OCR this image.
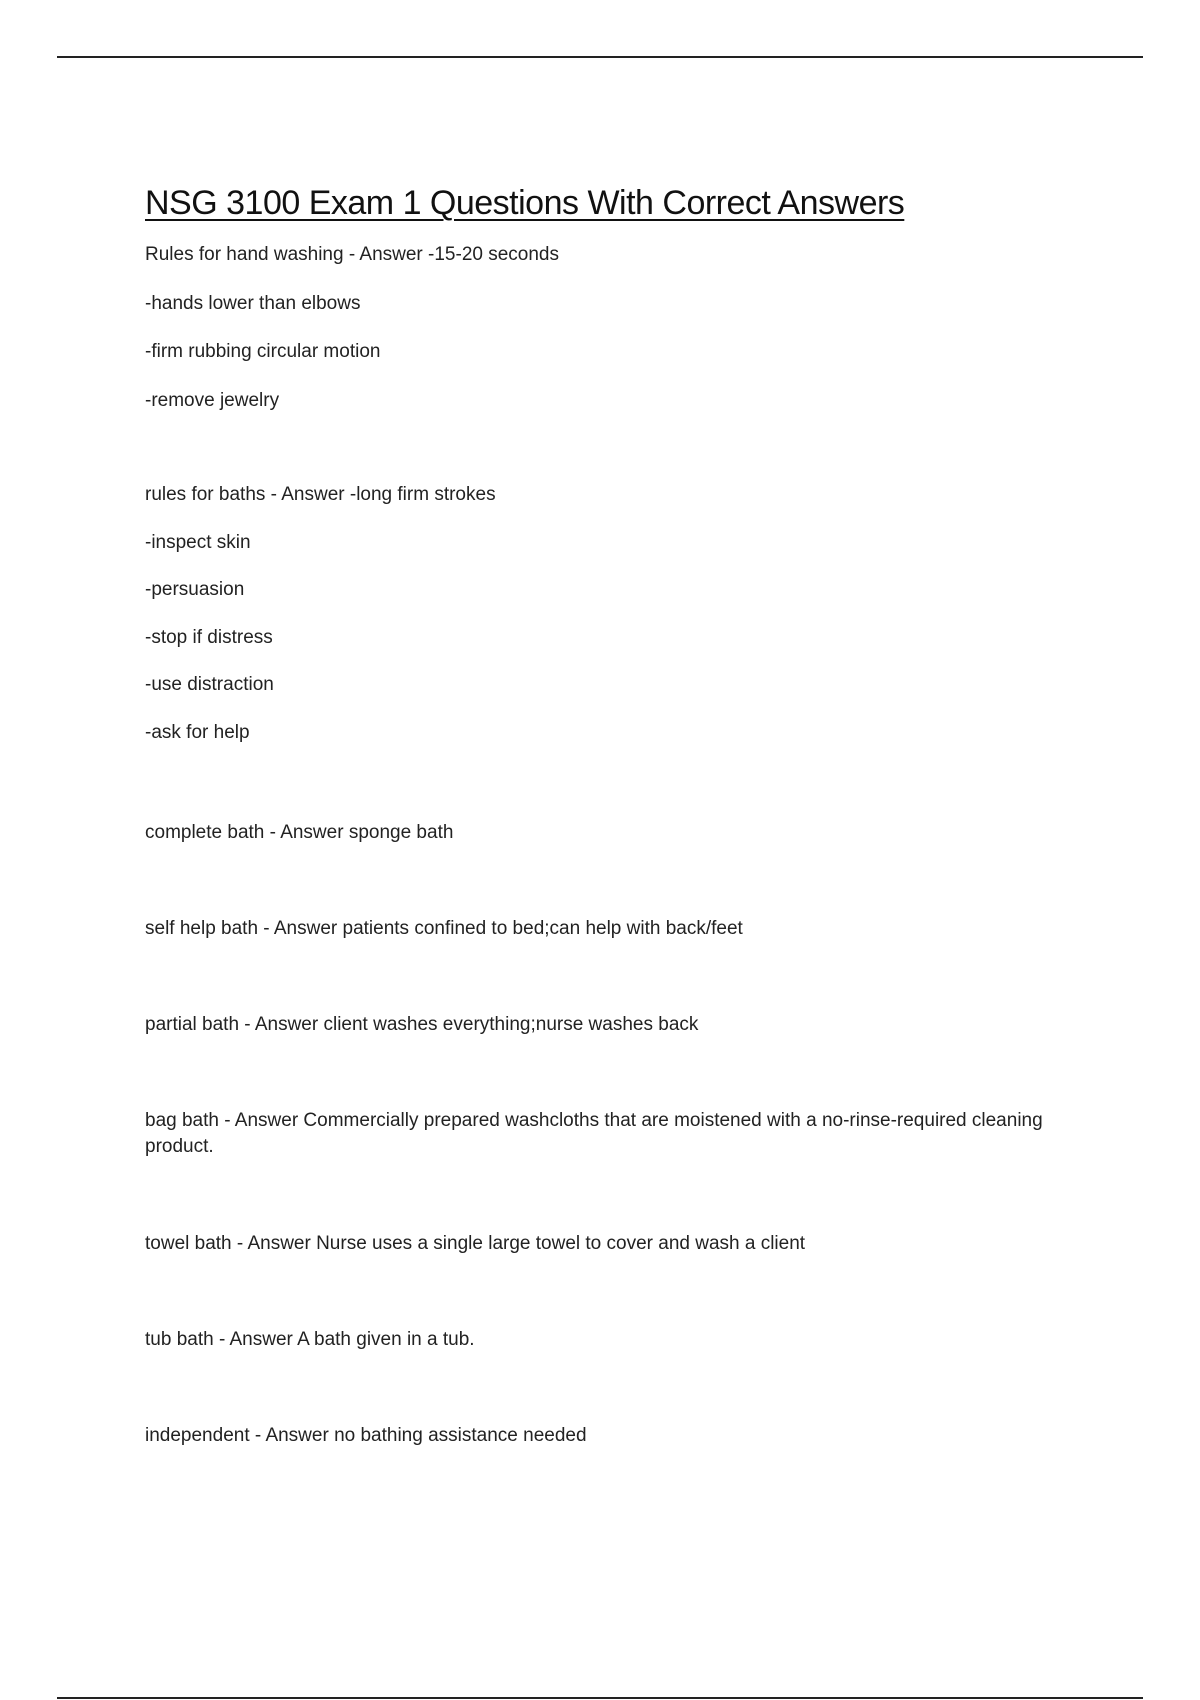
NSG 3100 Exam 1 Questions With Correct Answers

Rules for hand washing - Answer -15-20 seconds

-hands lower than elbows

-firm rubbing circular motion

-remove jewelry

rules for baths - Answer -long firm strokes

-inspect skin

-persuasion

-stop if distress

-use distraction

-ask for help

complete bath - Answer sponge bath

self help bath - Answer patients confined to bed;can help with back/feet

partial bath - Answer client washes everything;nurse washes back

bag bath - Answer Commercially prepared washcloths that are moistened with a no-rinse-required cleaning product.

towel bath - Answer Nurse uses a single large towel to cover and wash a client

tub bath - Answer A bath given in a tub.

independent - Answer no bathing assistance needed
